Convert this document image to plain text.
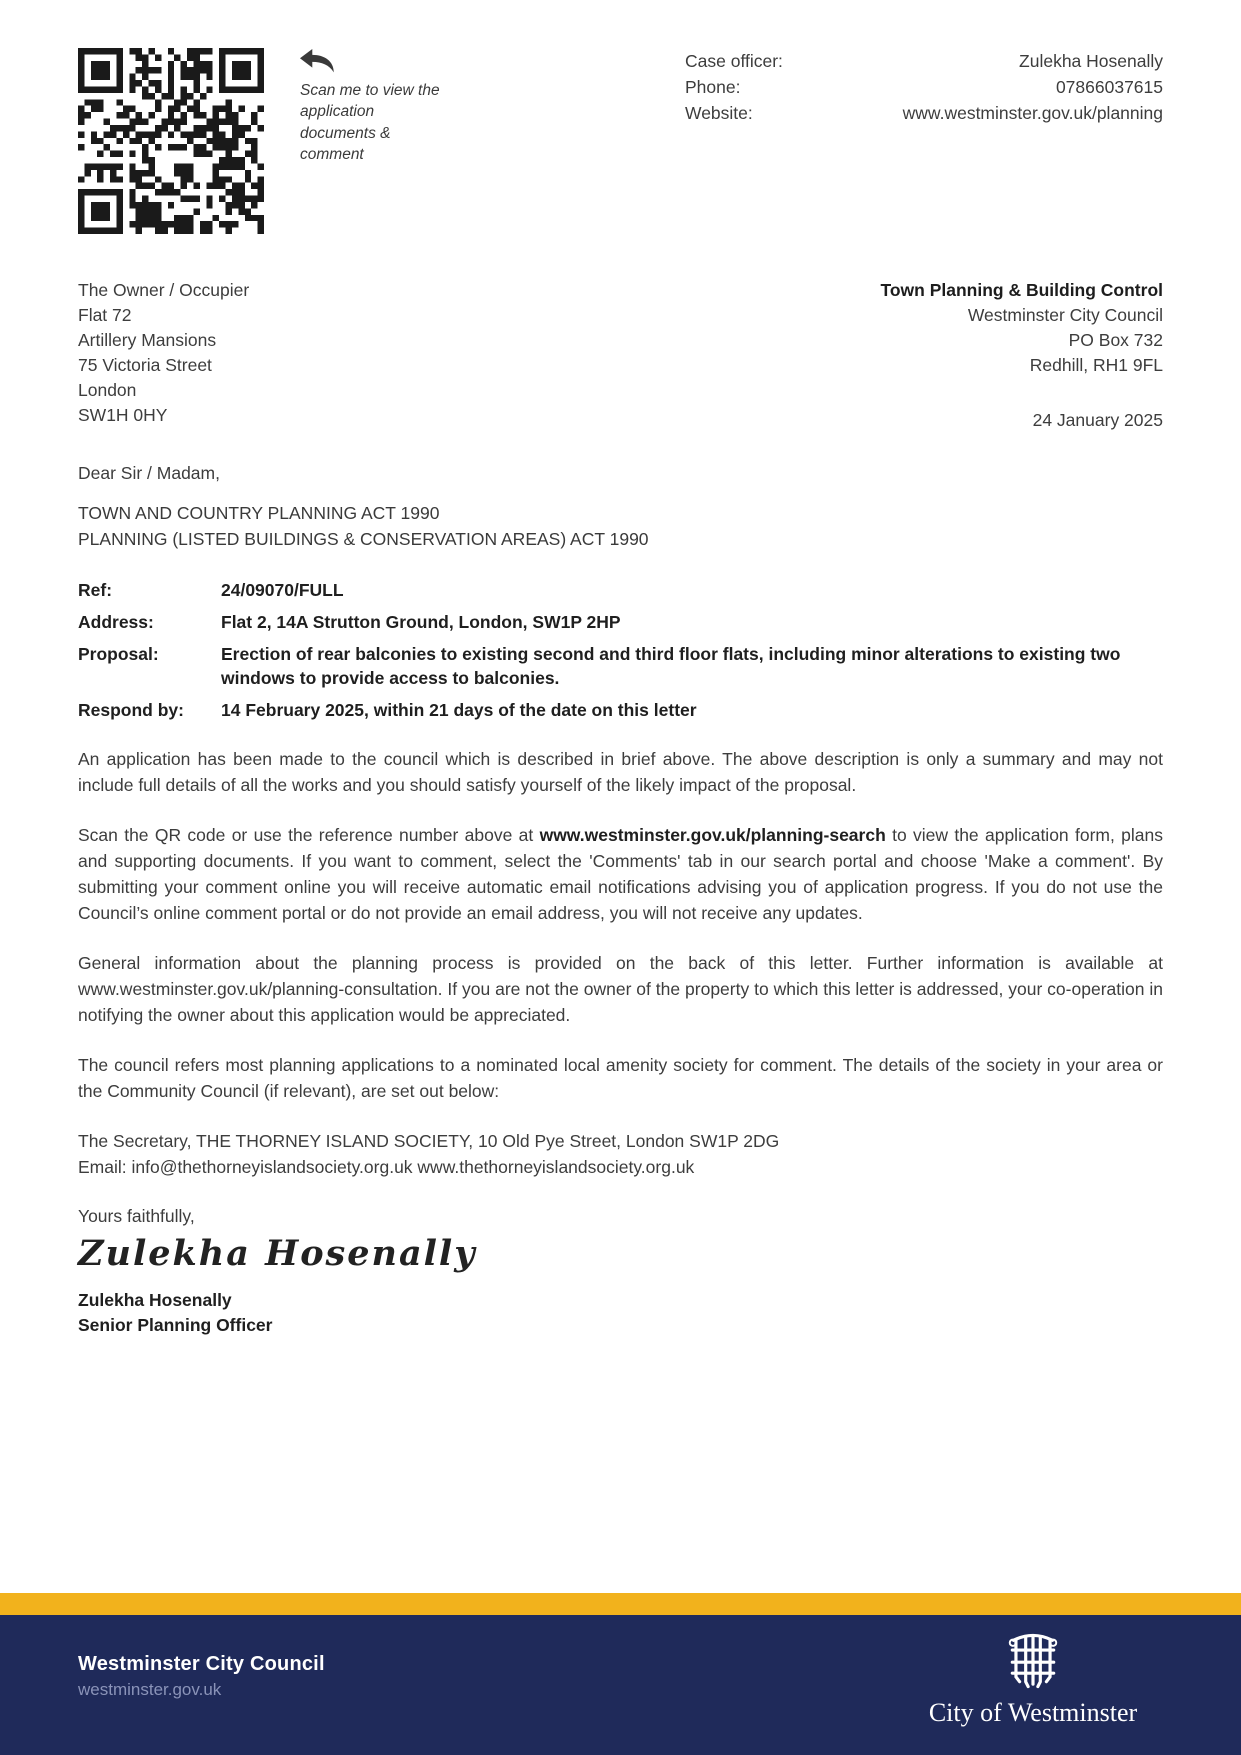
Scan me to view the application documents & comment
Case officer:	Zulekha Hosenally
Phone:	07866037615
Website:	www.westminster.gov.uk/planning
The Owner / Occupier
Flat 72
Artillery Mansions
75 Victoria Street
London
SW1H 0HY
Town Planning & Building Control
Westminster City Council
PO Box 732
Redhill, RH1 9FL
24 January 2025
Dear Sir / Madam,
TOWN AND COUNTRY PLANNING ACT 1990
PLANNING (LISTED BUILDINGS & CONSERVATION AREAS) ACT 1990
Ref:	24/09070/FULL
Address:	Flat 2, 14A Strutton Ground, London, SW1P 2HP
Proposal:	Erection of rear balconies to existing second and third floor flats, including minor alterations to existing two windows to provide access to balconies.
Respond by:	14 February 2025, within 21 days of the date on this letter
An application has been made to the council which is described in brief above. The above description is only a summary and may not include full details of all the works and you should satisfy yourself of the likely impact of the proposal.
Scan the QR code or use the reference number above at www.westminster.gov.uk/planning-search to view the application form, plans and supporting documents. If you want to comment, select the 'Comments' tab in our search portal and choose 'Make a comment'. By submitting your comment online you will receive automatic email notifications advising you of application progress. If you do not use the Council’s online comment portal or do not provide an email address, you will not receive any updates.
General information about the planning process is provided on the back of this letter. Further information is available at www.westminster.gov.uk/planning-consultation. If you are not the owner of the property to which this letter is addressed, your co-operation in notifying the owner about this application would be appreciated.
The council refers most planning applications to a nominated local amenity society for comment. The details of the society in your area or the Community Council (if relevant), are set out below:
The Secretary, THE THORNEY ISLAND SOCIETY, 10 Old Pye Street, London SW1P 2DG
Email: info@thethorneyislandsociety.org.uk www.thethorneyislandsociety.org.uk
Yours faithfully,
Zulekha Hosenally
Zulekha Hosenally
Senior Planning Officer
Westminster City Council
westminster.gov.uk
City of Westminster
